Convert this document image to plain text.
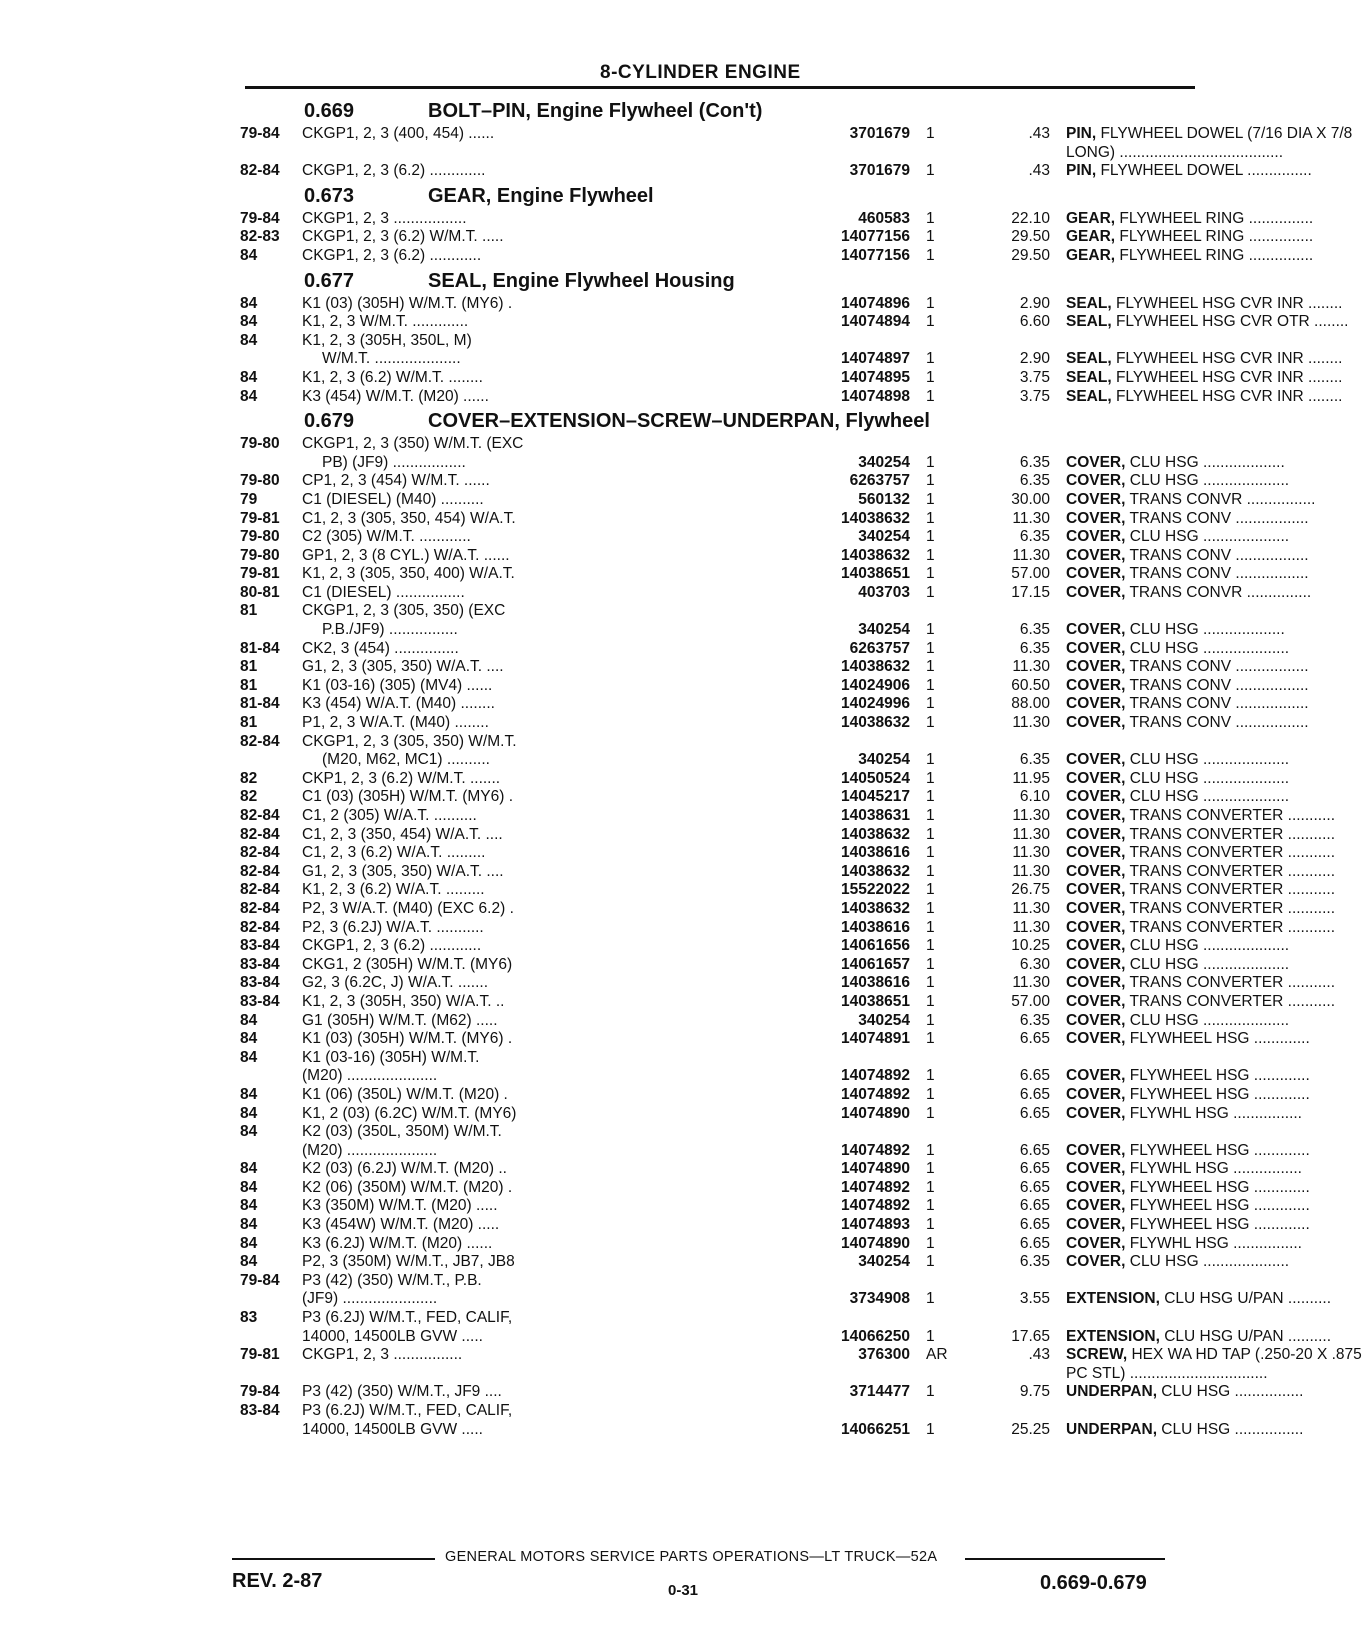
8-CYLINDER ENGINE
0.669	BOLT–PIN, Engine Flywheel (Con't)
79-84 CKGP1, 2, 3 (400, 454) ......	3701679 1	.43 PIN, FLYWHEEL DOWEL (7/16 DIA X 7/8
LONG) ......................................
82-84 CKGP1, 2, 3 (6.2) .............	3701679 1	.43 PIN, FLYWHEEL DOWEL ...............
0.673	GEAR, Engine Flywheel
79-84 CKGP1, 2, 3 .................	460583 1	22.10 GEAR, FLYWHEEL RING ...............
82-83 CKGP1, 2, 3 (6.2) W/M.T. .....	14077156 1	29.50 GEAR, FLYWHEEL RING ...............
84	CKGP1, 2, 3 (6.2) ............	14077156 1	29.50 GEAR, FLYWHEEL RING ...............
0.677	SEAL, Engine Flywheel Housing
84	K1 (03) (305H) W/M.T. (MY6) .	14074896 1	2.90 SEAL, FLYWHEEL HSG CVR INR ........
84	K1, 2, 3 W/M.T. .............	14074894 1	6.60 SEAL, FLYWHEEL HSG CVR OTR ........
84	K1, 2, 3 (305H, 350L, M)
W/M.T. ....................	14074897 1	2.90 SEAL, FLYWHEEL HSG CVR INR ........
84	K1, 2, 3 (6.2) W/M.T. ........	14074895 1	3.75 SEAL, FLYWHEEL HSG CVR INR ........
84	K3 (454) W/M.T. (M20) ......	14074898 1	3.75 SEAL, FLYWHEEL HSG CVR INR ........
0.679	COVER–EXTENSION–SCREW–UNDERPAN, Flywheel
79-80 CKGP1, 2, 3 (350) W/M.T. (EXC
PB) (JF9) .................	340254 1	6.35 COVER, CLU HSG ...................
79-80 CP1, 2, 3 (454) W/M.T. ......	6263757 1	6.35 COVER, CLU HSG ....................
79	C1 (DIESEL) (M40) ..........	560132 1	30.00 COVER, TRANS CONVR ................
79-81 C1, 2, 3 (305, 350, 454) W/A.T.	14038632 1	11.30 COVER, TRANS CONV .................
79-80 C2 (305) W/M.T. ............	340254 1	6.35 COVER, CLU HSG ....................
79-80 GP1, 2, 3 (8 CYL.) W/A.T. ......	14038632 1	11.30 COVER, TRANS CONV .................
79-81 K1, 2, 3 (305, 350, 400) W/A.T.	14038651 1	57.00 COVER, TRANS CONV .................
80-81 C1 (DIESEL) ................	403703 1	17.15 COVER, TRANS CONVR ...............
81	CKGP1, 2, 3 (305, 350) (EXC
P.B./JF9) ................	340254 1	6.35 COVER, CLU HSG ...................
81-84 CK2, 3 (454) ...............	6263757 1	6.35 COVER, CLU HSG ....................
81	G1, 2, 3 (305, 350) W/A.T. ....	14038632 1	11.30 COVER, TRANS CONV .................
81	K1 (03-16) (305) (MV4) ......	14024906 1	60.50 COVER, TRANS CONV .................
81-84 K3 (454) W/A.T. (M40) ........	14024996 1	88.00 COVER, TRANS CONV .................
81	P1, 2, 3 W/A.T. (M40) ........	14038632 1	11.30 COVER, TRANS CONV .................
82-84 CKGP1, 2, 3 (305, 350) W/M.T.
(M20, M62, MC1) ..........	340254 1	6.35 COVER, CLU HSG ....................
82	CKP1, 2, 3 (6.2) W/M.T. .......	14050524 1	11.95 COVER, CLU HSG ....................
82	C1 (03) (305H) W/M.T. (MY6) .	14045217 1	6.10 COVER, CLU HSG ....................
82-84 C1, 2 (305) W/A.T. ..........	14038631 1	11.30 COVER, TRANS CONVERTER ...........
82-84 C1, 2, 3 (350, 454) W/A.T. ....	14038632 1	11.30 COVER, TRANS CONVERTER ...........
82-84 C1, 2, 3 (6.2) W/A.T. .........	14038616 1	11.30 COVER, TRANS CONVERTER ...........
82-84 G1, 2, 3 (305, 350) W/A.T. ....	14038632 1	11.30 COVER, TRANS CONVERTER ...........
82-84 K1, 2, 3 (6.2) W/A.T. .........	15522022 1	26.75 COVER, TRANS CONVERTER ...........
82-84 P2, 3 W/A.T. (M40) (EXC 6.2) .	14038632 1	11.30 COVER, TRANS CONVERTER ...........
82-84 P2, 3 (6.2J) W/A.T. ...........	14038616 1	11.30 COVER, TRANS CONVERTER ...........
83-84 CKGP1, 2, 3 (6.2) ............	14061656 1	10.25 COVER, CLU HSG ....................
83-84 CKG1, 2 (305H) W/M.T. (MY6)	14061657 1	6.30 COVER, CLU HSG ....................
83-84 G2, 3 (6.2C, J) W/A.T. .......	14038616 1	11.30 COVER, TRANS CONVERTER ...........
83-84 K1, 2, 3 (305H, 350) W/A.T. ..	14038651 1	57.00 COVER, TRANS CONVERTER ...........
84	G1 (305H) W/M.T. (M62) .....	340254 1	6.35 COVER, CLU HSG ....................
84	K1 (03) (305H) W/M.T. (MY6) .	14074891 1	6.65 COVER, FLYWHEEL HSG .............
84	K1 (03-16) (305H) W/M.T.
(M20) .....................	14074892 1	6.65 COVER, FLYWHEEL HSG .............
84	K1 (06) (350L) W/M.T. (M20) .	14074892 1	6.65 COVER, FLYWHEEL HSG .............
84	K1, 2 (03) (6.2C) W/M.T. (MY6)	14074890 1	6.65 COVER, FLYWHL HSG ................
84	K2 (03) (350L, 350M) W/M.T.
(M20) .....................	14074892 1	6.65 COVER, FLYWHEEL HSG .............
84	K2 (03) (6.2J) W/M.T. (M20) ..	14074890 1	6.65 COVER, FLYWHL HSG ................
84	K2 (06) (350M) W/M.T. (M20) .	14074892 1	6.65 COVER, FLYWHEEL HSG .............
84	K3 (350M) W/M.T. (M20) .....	14074892 1	6.65 COVER, FLYWHEEL HSG .............
84	K3 (454W) W/M.T. (M20) .....	14074893 1	6.65 COVER, FLYWHEEL HSG .............
84	K3 (6.2J) W/M.T. (M20) ......	14074890 1	6.65 COVER, FLYWHL HSG ................
84	P2, 3 (350M) W/M.T., JB7, JB8	340254 1	6.35 COVER, CLU HSG ....................
79-84 P3 (42) (350) W/M.T., P.B.
(JF9) ......................	3734908 1	3.55 EXTENSION, CLU HSG U/PAN ..........
83	P3 (6.2J) W/M.T., FED, CALIF,
14000, 14500LB GVW .....	14066250 1	17.65 EXTENSION, CLU HSG U/PAN ..........
79-81 CKGP1, 2, 3 ................	376300 AR	.43 SCREW, HEX WA HD TAP (.250-20 X .875
PC STL) ................................
79-84 P3 (42) (350) W/M.T., JF9 ....	3714477 1	9.75 UNDERPAN, CLU HSG ................
83-84 P3 (6.2J) W/M.T., FED, CALIF,
14000, 14500LB GVW .....	14066251 1	25.25 UNDERPAN, CLU HSG ................
GENERAL MOTORS SERVICE PARTS OPERATIONS—LT TRUCK—52A
REV. 2-87	0-31	0.669-0.679
